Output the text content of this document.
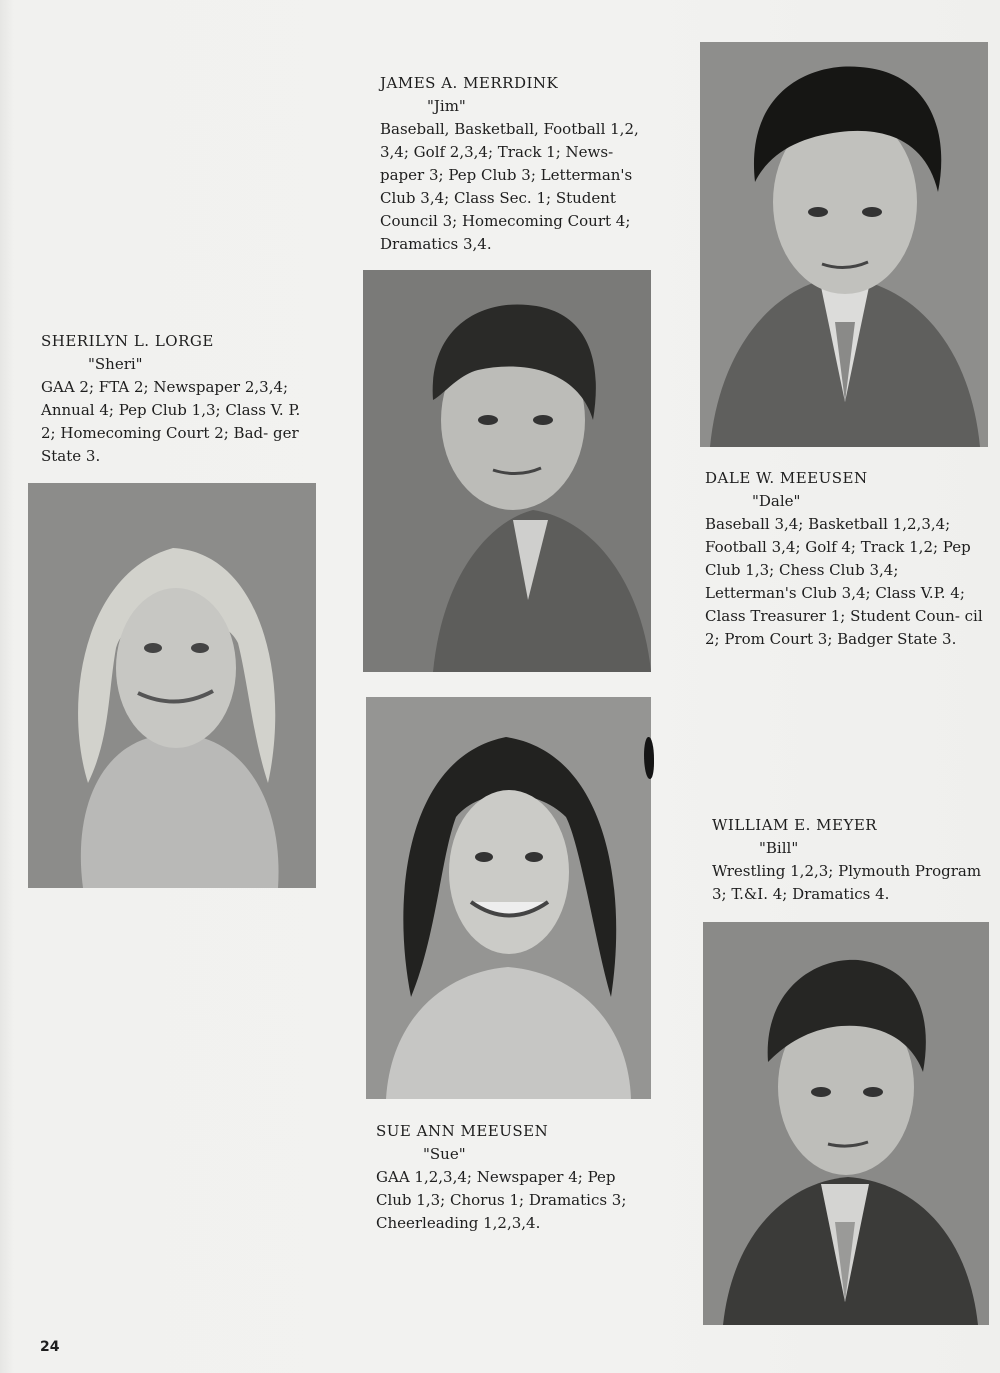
JAMES A. MERRDINK
"Jim"
Baseball, Basketball, Football 1,2, 3,4; Golf 2,3,4; Track 1; News- paper 3; Pep Club 3; Letterman's Club 3,4; Class Sec. 1; Student Council 3; Homecoming Court 4; Dramatics 3,4.
SHERILYN L. LORGE
"Sheri"
GAA 2; FTA 2; Newspaper 2,3,4; Annual 4; Pep Club 1,3; Class V. P. 2; Homecoming Court 2; Bad- ger State 3.
DALE W. MEEUSEN
"Dale"
Baseball 3,4; Basketball 1,2,3,4; Football 3,4; Golf 4; Track 1,2; Pep Club 1,3; Chess Club 3,4; Letterman's Club 3,4; Class V.P. 4; Class Treasurer 1; Student Coun- cil 2; Prom Court 3; Badger State 3.
WILLIAM E. MEYER
"Bill"
Wrestling 1,2,3; Plymouth Program 3; T.&I. 4; Dramatics 4.
SUE ANN MEEUSEN
"Sue"
GAA 1,2,3,4; Newspaper 4; Pep Club 1,3; Chorus 1; Dramatics 3; Cheerleading 1,2,3,4.
24
